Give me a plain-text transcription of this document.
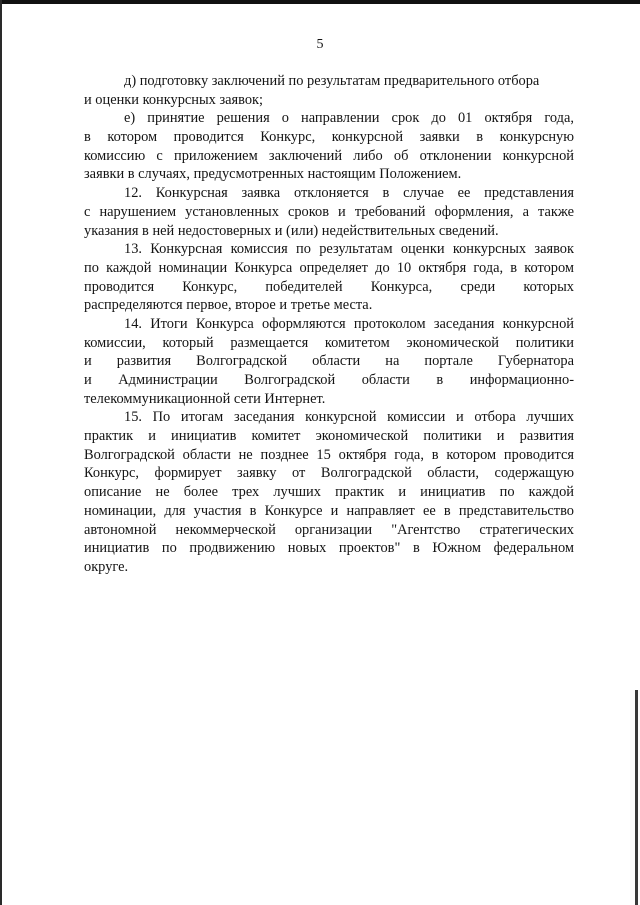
5
д) подготовку заключений по результатам предварительного отбора
и оценки конкурсных заявок;
е) принятие решения о направлении срок до 01 октября года,
в котором проводится Конкурс, конкурсной заявки в конкурсную
комиссию с приложением заключений либо об отклонении конкурсной
заявки в случаях, предусмотренных настоящим Положением.
12. Конкурсная заявка отклоняется в случае ее представления
с нарушением установленных сроков и требований оформления, а также
указания в ней недостоверных и (или) недействительных сведений.
13. Конкурсная комиссия по результатам оценки конкурсных заявок
по каждой номинации Конкурса определяет до 10 октября года, в котором
проводится Конкурс, победителей Конкурса, среди которых
распределяются первое, второе и третье места.
14. Итоги Конкурса оформляются протоколом заседания конкурсной
комиссии, который размещается комитетом экономической политики
и развития Волгоградской области на портале Губернатора
и Администрации Волгоградской области в информационно-
телекоммуникационной сети Интернет.
15. По итогам заседания конкурсной комиссии и отбора лучших
практик и инициатив комитет экономической политики и развития
Волгоградской области не позднее 15 октября года, в котором проводится
Конкурс, формирует заявку от Волгоградской области, содержащую
описание не более трех лучших практик и инициатив по каждой
номинации, для участия в Конкурсе и направляет ее в представительство
автономной некоммерческой организации "Агентство стратегических
инициатив по продвижению новых проектов" в Южном федеральном
округе.
